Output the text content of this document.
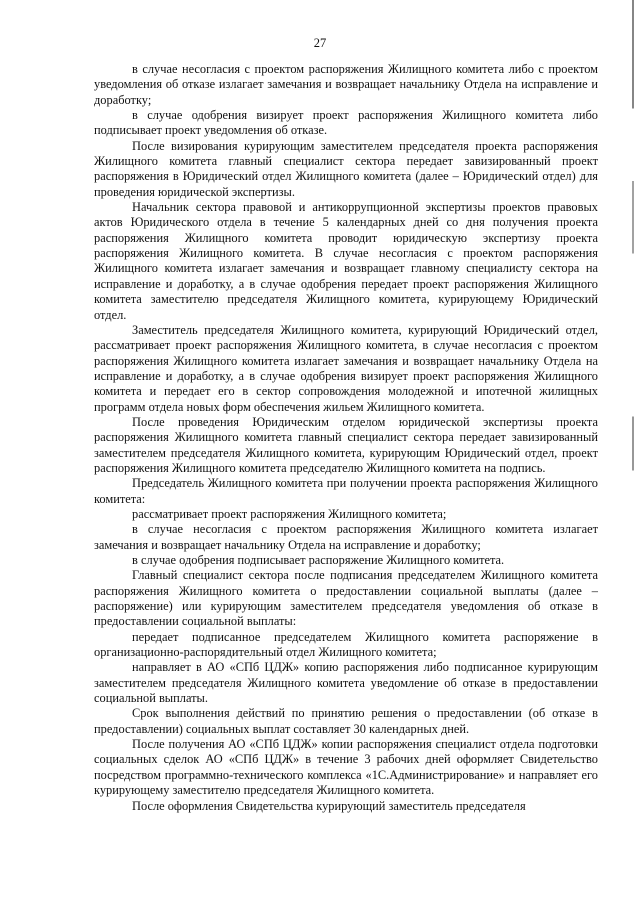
27

в случае несогласия с проектом распоряжения Жилищного комитета либо с проектом уведомления об отказе излагает замечания и возвращает начальнику Отдела на исправление и доработку;

в случае одобрения визирует проект распоряжения Жилищного комитета либо подписывает проект уведомления об отказе.

После визирования курирующим заместителем председателя проекта распоряжения Жилищного комитета главный специалист сектора передает завизированный проект распоряжения в Юридический отдел Жилищного комитета (далее – Юридический отдел) для проведения юридической экспертизы.

Начальник сектора правовой и антикоррупционной экспертизы проектов правовых актов Юридического отдела в течение 5 календарных дней со дня получения проекта распоряжения Жилищного комитета проводит юридическую экспертизу проекта распоряжения Жилищного комитета. В случае несогласия с проектом распоряжения Жилищного комитета излагает замечания и возвращает главному специалисту сектора на исправление и доработку, а в случае одобрения передает проект распоряжения Жилищного комитета заместителю председателя Жилищного комитета, курирующему Юридический отдел.

Заместитель председателя Жилищного комитета, курирующий Юридический отдел, рассматривает проект распоряжения Жилищного комитета, в случае несогласия с проектом распоряжения Жилищного комитета излагает замечания и возвращает начальнику Отдела на исправление и доработку, а в случае одобрения визирует проект распоряжения Жилищного комитета и передает его в сектор сопровождения молодежной и ипотечной жилищных программ отдела новых форм обеспечения жильем Жилищного комитета.

После проведения Юридическим отделом юридической экспертизы проекта распоряжения Жилищного комитета главный специалист сектора передает завизированный заместителем председателя Жилищного комитета, курирующим Юридический отдел, проект распоряжения Жилищного комитета председателю Жилищного комитета на подпись.

Председатель Жилищного комитета при получении проекта распоряжения Жилищного комитета:

рассматривает проект распоряжения Жилищного комитета;

в случае несогласия с проектом распоряжения Жилищного комитета излагает замечания и возвращает начальнику Отдела на исправление и доработку;

в случае одобрения подписывает распоряжение Жилищного комитета.

Главный специалист сектора после подписания председателем Жилищного комитета распоряжения Жилищного комитета о предоставлении социальной выплаты (далее – распоряжение) или курирующим заместителем председателя уведомления об отказе в предоставлении социальной выплаты:

передает подписанное председателем Жилищного комитета распоряжение в организационно-распорядительный отдел Жилищного комитета;

направляет в АО «СПб ЦДЖ» копию распоряжения либо подписанное курирующим заместителем председателя Жилищного комитета уведомление об отказе в предоставлении социальной выплаты.

Срок выполнения действий по принятию решения о предоставлении (об отказе в предоставлении) социальных выплат составляет 30 календарных дней.

После получения АО «СПб ЦДЖ» копии распоряжения специалист отдела подготовки социальных сделок АО «СПб ЦДЖ» в течение 3 рабочих дней оформляет Свидетельство посредством программно-технического комплекса «1С.Администрирование» и направляет его курирующему заместителю председателя Жилищного комитета.

После оформления Свидетельства курирующий заместитель председателя
